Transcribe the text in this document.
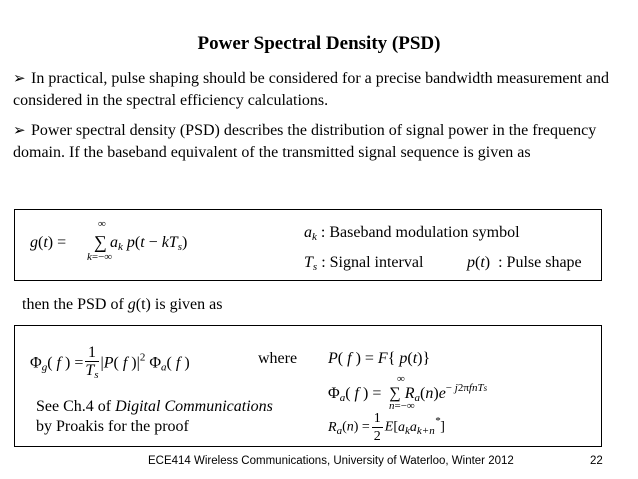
Power Spectral Density (PSD)
➢ In practical, pulse shaping should be considered for a precise bandwidth measurement and considered in the spectral efficiency calculations.
➢ Power spectral density (PSD) describes the distribution of signal power in the frequency domain. If the baseband equivalent of the transmitted signal sequence is given as
g(t) =
∞
∑
k=−∞
$a_k$ $p(t - kT_s)$
$a_k$ : Baseband modulation symbol
$T_s$ : Signal interval	p(t)  : Pulse shape
then the PSD of g(t) is given as
$\Phi_g$( f ) = $\frac{1}{T_s} |P$( f )$|^2$ $\Phi_a$( f )	where P( f ) = F{ p(t)}
∞
$\Phi_a$( f ) =  ∑ $R_a(n)e^{- j2\pi fnTs}$
n=−∞
$R_a(n) = \frac{1}{2} E[a_ka_{k+n}^*]$
See Ch.4 of Digital Communications
by Proakis for the proof
ECE414 Wireless Communications, University of Waterloo, Winter 2012	22
